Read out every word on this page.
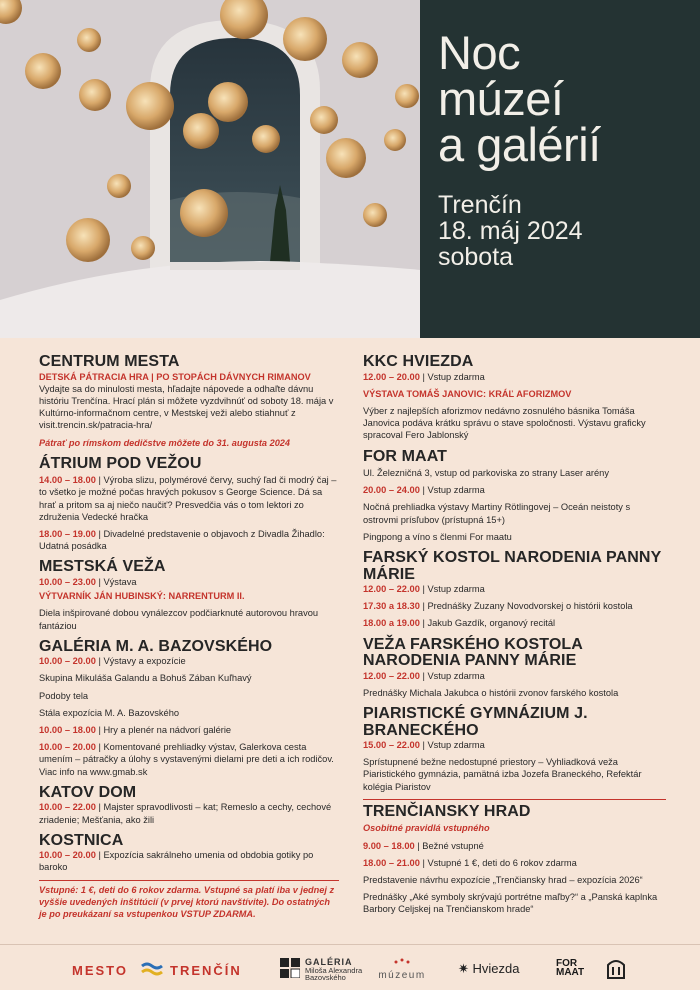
Noc
múzeí
a galérií
Trenčín
18. máj 2024
sobota
CENTRUM MESTA
DETSKÁ PÁTRACIA HRA | PO STOPÁCH DÁVNYCH RIMANOV
Vydajte sa do minulosti mesta, hľadajte nápovede a odhaľte dávnu históriu Trenčína. Hrací plán si môžete vyzdvihnúť od soboty 18. mája v Kultúrno-informačnom centre, v Mestskej veži alebo stiahnuť z visit.trencin.sk/patracia-hra/
Pátrať po rímskom dedičstve môžete do 31. augusta 2024
ÁTRIUM POD VEŽOU
14.00 – 18.00 | Výroba slizu, polymérové červy, suchý ľad či modrý čaj – to všetko je možné počas hravých pokusov s George Science. Dá sa hrať a pritom sa aj niečo naučiť? Presvedčia vás o tom lektori zo združenia Vedecké hračka
18.00 – 19.00 | Divadelné predstavenie o objavoch z Divadla Žihadlo: Udatná posádka
MESTSKÁ VEŽA
10.00 – 23.00 | Výstava
VÝTVARNÍK JÁN HUBINSKÝ: NARRENTURM II.
Diela inšpirované dobou vynálezcov podčiarknuté autorovou hravou fantáziou
GALÉRIA M. A. BAZOVSKÉHO
10.00 – 20.00 | Výstavy a expozície
Skupina Mikuláša Galandu a Bohuš Zában Kuľhavý
Podoby tela
Stála expozícia M. A. Bazovského
10.00 – 18.00 | Hry a plenér na nádvorí galérie
10.00 – 20.00 | Komentované prehliadky výstav, Galerkova cesta umením – pátračky a úlohy s vystavenými dielami pre deti a ich rodičov. Viac info na www.gmab.sk
KATOV DOM
10.00 – 22.00 | Majster spravodlivosti – kat; Remeslo a cechy, cechové zriadenie; Mešťania, ako žili
KOSTNICA
10.00 – 20.00 | Expozícia sakrálneho umenia od obdobia gotiky po baroko
Vstupné: 1 €, deti do 6 rokov zdarma. Vstupné sa platí iba v jednej z vyššie uvedených inštitúcií (v prvej ktorú navštívite). Do ostatných je po preukázaní sa vstupenkou VSTUP ZDARMA.
KKC HVIEZDA
12.00 – 20.00 | Vstup zdarma
VÝSTAVA TOMÁŠ JANOVIC: KRÁĽ AFORIZMOV
Výber z najlepších aforizmov nedávno zosnulého básnika Tomáša Janovica podáva krátku správu o stave spoločnosti. Výstavu graficky spracoval Fero Jablonský
FOR MAAT
Ul. Železničná 3, vstup od parkoviska zo strany Laser arény
20.00 – 24.00 | Vstup zdarma
Nočná prehliadka výstavy Martiny Rötlingovej – Oceán neistoty s ostrovmi prísľubov (prístupná 15+)
Pingpong a víno s členmi For maatu
FARSKÝ KOSTOL NARODENIA PANNY MÁRIE
12.00 – 22.00 | Vstup zdarma
17.30 a 18.30 | Prednášky Zuzany Novodvorskej o histórii kostola
18.00 a 19.00 | Jakub Gazdík, organový recitál
VEŽA FARSKÉHO KOSTOLA NARODENIA PANNY MÁRIE
12.00 – 22.00 | Vstup zdarma
Prednášky Michala Jakubca o histórii zvonov farského kostola
PIARISTICKÉ GYMNÁZIUM J. BRANECKÉHO
15.00 – 22.00 | Vstup zdarma
Sprístupnené bežne nedostupné priestory – Vyhliadková veža Piaristického gymnázia, pamätná izba Jozefa Braneckého, Refektár kolégia Piaristov
TRENČIANSKY HRAD
Osobitné pravidlá vstupného
9.00 – 18.00 | Bežné vstupné
18.00 – 21.00 | Vstupné 1 €, deti do 6 rokov zdarma
Predstavenie návrhu expozície „Trenčiansky hrad – expozícia 2026“
Prednášky „Aké symboly skrývajú portrétne maľby?“ a „Panská kaplnka Barbory Celjskej na Trenčianskom hrade“
MESTO	TRENČÍN
GALÉRIA
Miloša Alexandra
Bazovského	múzeum	✷ Hviezda	FOR
MAAT
